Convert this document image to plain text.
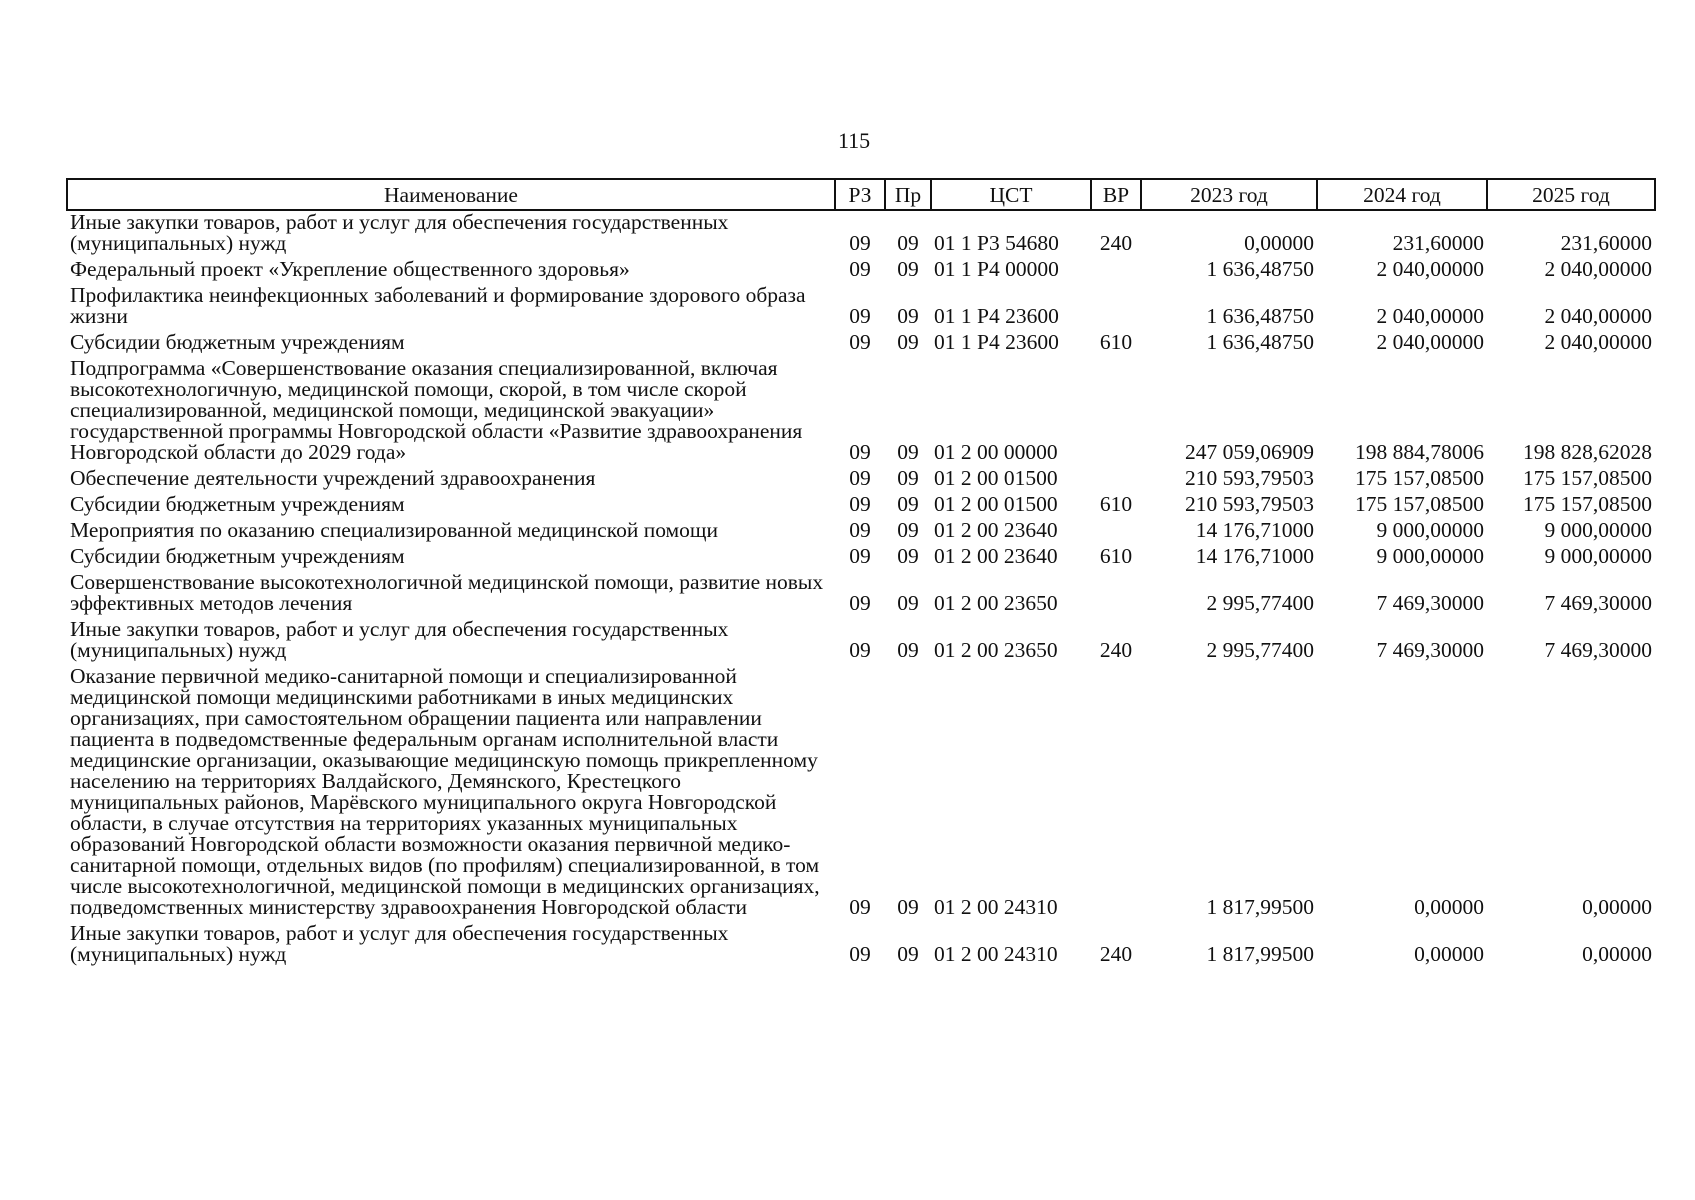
115
Наименование	РЗ	Пр	ЦСТ	ВР	2023 год	2024 год	2025 год
Иные закупки товаров, работ и услуг для обеспечения государственных (муниципальных) нужд	09	09	01 1 P3 54680	240	0,00000	231,60000	231,60000
Федеральный проект «Укрепление общественного здоровья»	09	09	01 1 P4 00000		1 636,48750	2 040,00000	2 040,00000
Профилактика неинфекционных заболеваний и формирование здорового образа жизни	09	09	01 1 P4 23600		1 636,48750	2 040,00000	2 040,00000
Субсидии бюджетным учреждениям	09	09	01 1 P4 23600	610	1 636,48750	2 040,00000	2 040,00000
Подпрограмма «Совершенствование оказания специализированной, включая высокотехнологичную, медицинской помощи, скорой, в том числе скорой специализированной, медицинской помощи, медицинской эвакуации» государственной программы Новгородской области «Развитие здравоохранения Новгородской области до 2029 года»	09	09	01 2 00 00000		247 059,06909	198 884,78006	198 828,62028
Обеспечение деятельности учреждений здравоохранения	09	09	01 2 00 01500		210 593,79503	175 157,08500	175 157,08500
Субсидии бюджетным учреждениям	09	09	01 2 00 01500	610	210 593,79503	175 157,08500	175 157,08500
Мероприятия по оказанию специализированной медицинской помощи	09	09	01 2 00 23640		14 176,71000	9 000,00000	9 000,00000
Субсидии бюджетным учреждениям	09	09	01 2 00 23640	610	14 176,71000	9 000,00000	9 000,00000
Совершенствование высокотехнологичной медицинской помощи, развитие новых эффективных методов лечения	09	09	01 2 00 23650		2 995,77400	7 469,30000	7 469,30000
Иные закупки товаров, работ и услуг для обеспечения государственных (муниципальных) нужд	09	09	01 2 00 23650	240	2 995,77400	7 469,30000	7 469,30000
Оказание первичной медико-санитарной помощи и специализированной медицинской помощи медицинскими работниками в иных медицинских организациях, при самостоятельном обращении пациента или направлении пациента в подведомственные федеральным органам исполнительной власти медицинские организации, оказывающие медицинскую помощь прикрепленному населению на территориях Валдайского, Демянского, Крестецкого муниципальных районов, Марёвского муниципального округа Новгородской области, в случае отсутствия на территориях указанных муниципальных образований Новгородской области возможности оказания первичной медико-санитарной помощи, отдельных видов (по профилям) специализированной, в том числе высокотехнологичной, медицинской помощи в медицинских организациях, подведомственных министерству здравоохранения Новгородской области	09	09	01 2 00 24310		1 817,99500	0,00000	0,00000
Иные закупки товаров, работ и услуг для обеспечения государственных (муниципальных) нужд	09	09	01 2 00 24310	240	1 817,99500	0,00000	0,00000
